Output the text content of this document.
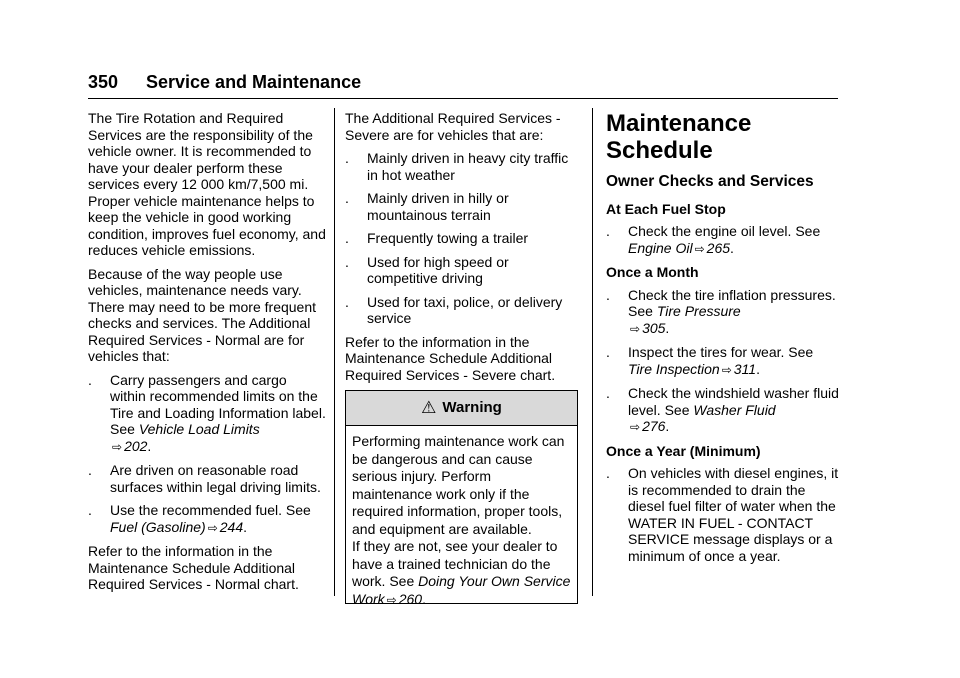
350 Service and Maintenance

The Tire Rotation and Required Services are the responsibility of the vehicle owner. It is recommended to have your dealer perform these services every 12 000 km/7,500 mi. Proper vehicle maintenance helps to keep the vehicle in good working condition, improves fuel economy, and reduces vehicle emissions.

Because of the way people use vehicles, maintenance needs vary. There may need to be more frequent checks and services. The Additional Required Services - Normal are for vehicles that:

. Carry passengers and cargo within recommended limits on the Tire and Loading Information label. See Vehicle Load Limits
⇨ 202.
. Are driven on reasonable road surfaces within legal driving limits.
. Use the recommended fuel. See Fuel (Gasoline) ⇨ 244.

Refer to the information in the Maintenance Schedule Additional Required Services - Normal chart.

The Additional Required Services - Severe are for vehicles that are:

. Mainly driven in heavy city traffic in hot weather
. Mainly driven in hilly or mountainous terrain
. Frequently towing a trailer
. Used for high speed or competitive driving
. Used for taxi, police, or delivery service

Refer to the information in the Maintenance Schedule Additional Required Services - Severe chart.

⚠ Warning

Performing maintenance work can be dangerous and can cause serious injury. Perform maintenance work only if the required information, proper tools, and equipment are available.

If they are not, see your dealer to have a trained technician do the work. See Doing Your Own Service Work ⇨ 260.

Maintenance
Schedule
Owner Checks and Services
At Each Fuel Stop
. Check the engine oil level. See
Engine Oil ⇨ 265.
Once a Month
. Check the tire inflation pressures. See Tire Pressure
⇨ 305.
. Inspect the tires for wear. See
Tire Inspection ⇨ 311.
. Check the windshield washer fluid level. See Washer Fluid
⇨ 276.
Once a Year (Minimum)
. On vehicles with diesel engines, it is recommended to drain the diesel fuel filter of water when the WATER IN FUEL - CONTACT SERVICE message displays or a minimum of once a year.
